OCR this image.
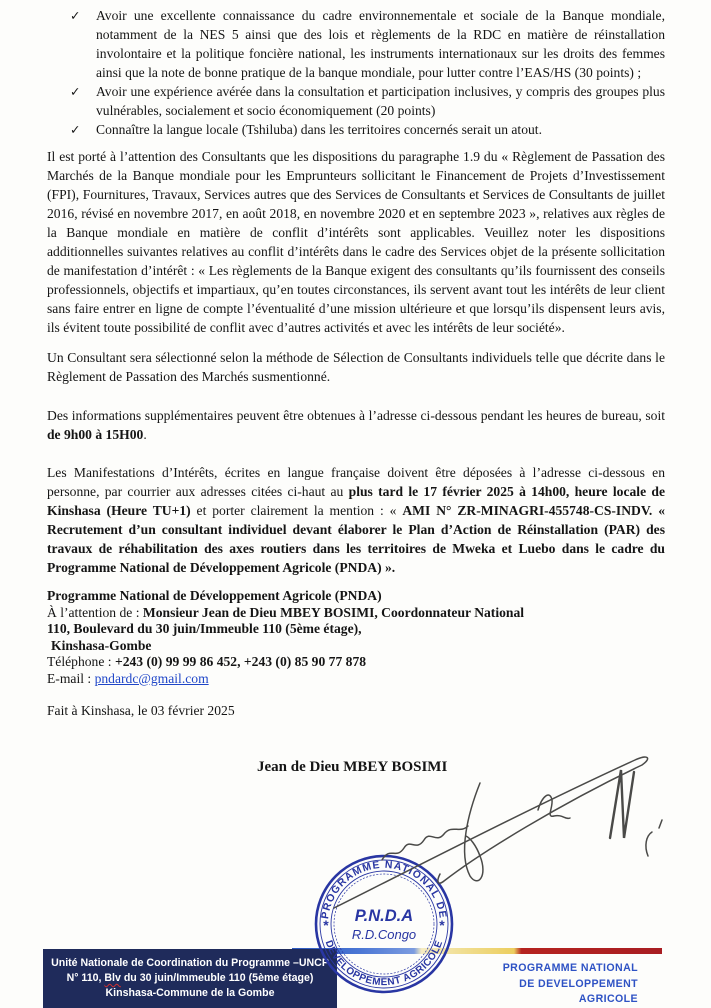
✓ Avoir une excellente connaissance du cadre environnementale et sociale de la Banque mondiale, notamment de la NES 5 ainsi que des lois et règlements de la RDC en matière de réinstallation involontaire et la politique foncière national, les instruments internationaux sur les droits des femmes ainsi que la note de bonne pratique de la banque mondiale, pour lutter contre l’EAS/HS (30 points) ;
✓ Avoir une expérience avérée dans la consultation et participation inclusives, y compris des groupes plus vulnérables, socialement et socio économiquement (20 points)
✓ Connaître la langue locale (Tshiluba) dans les territoires concernés serait un atout.

Il est porté à l’attention des Consultants que les dispositions du paragraphe 1.9 du « Règlement de Passation des Marchés de la Banque mondiale pour les Emprunteurs sollicitant le Financement de Projets d’Investissement (FPI), Fournitures, Travaux, Services autres que des Services de Consultants et Services de Consultants de juillet 2016, révisé en novembre 2017, en août 2018, en novembre 2020 et en septembre 2023 », relatives aux règles de la Banque mondiale en matière de conflit d’intérêts sont applicables. Veuillez noter les dispositions additionnelles suivantes relatives au conflit d’intérêts dans le cadre des Services objet de la présente sollicitation de manifestation d’intérêt : « Les règlements de la Banque exigent des consultants qu’ils fournissent des conseils professionnels, objectifs et impartiaux, qu’en toutes circonstances, ils servent avant tout les intérêts de leur client sans faire entrer en ligne de compte l’éventualité d’une mission ultérieure et que lorsqu’ils dispensent leurs avis, ils évitent toute possibilité de conflit avec d’autres activités et avec les intérêts de leur société».

Un Consultant sera sélectionné selon la méthode de Sélection de Consultants individuels telle que décrite dans le Règlement de Passation des Marchés susmentionné.

Des informations supplémentaires peuvent être obtenues à l’adresse ci-dessous pendant les heures de bureau, soit de 9h00 à 15H00.

Les Manifestations d’Intérêts, écrites en langue française doivent être déposées à l’adresse ci-dessous en personne, par courrier aux adresses citées ci-haut au plus tard le 17 février 2025 à 14h00, heure locale de Kinshasa (Heure TU+1) et porter clairement la mention : « AMI N° ZR-MINAGRI-455748-CS-INDV. « Recrutement d’un consultant individuel devant élaborer le Plan d’Action de Réinstallation (PAR) des travaux de réhabilitation des axes routiers dans les territoires de Mweka et Luebo dans le cadre du Programme National de Développement Agricole (PNDA) ».

Programme National de Développement Agricole (PNDA)
À l’attention de : Monsieur Jean de Dieu MBEY BOSIMI, Coordonnateur National
110, Boulevard du 30 juin/Immeuble 110 (5ème étage),
Kinshasa-Gombe
Téléphone : +243 (0) 99 99 86 452, +243 (0) 85 90 77 878
E-mail : pndardc@gmail.com

Fait à Kinshasa, le 03 février 2025

Jean de Dieu MBEY BOSIMI
PROGRAMME NATIONAL DE
DEVELOPPEMENT AGRICOLE
*	*
P.N.D.A
R.D.Congo
Unité Nationale de Coordination du Programme –UNCP
N° 110, Blv du 30 juin/Immeuble 110 (5ème étage)
Kinshasa-Commune de la Gombe
PROGRAMME NATIONAL
DE DEVELOPPEMENT
AGRICOLE
